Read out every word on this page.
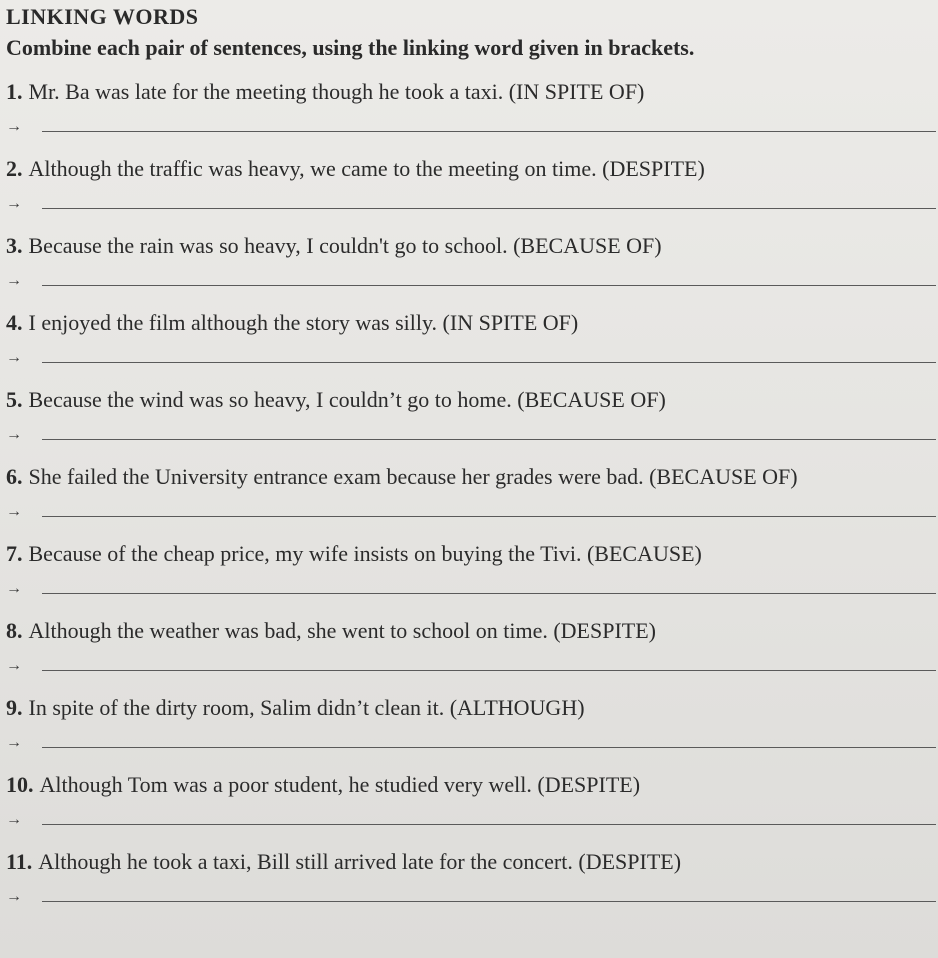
LINKING WORDS
Combine each pair of sentences, using the linking word given in brackets.
1. Mr. Ba was late for the meeting though he took a taxi. (IN SPITE OF)
→
2. Although the traffic was heavy, we came to the meeting on time. (DESPITE)
→
3. Because the rain was so heavy, I couldn't go to school. (BECAUSE OF)
→
4. I enjoyed the film although the story was silly. (IN SPITE OF)
→
5. Because the wind was so heavy, I couldn’t go to home. (BECAUSE OF)
→
6. She failed the University entrance exam because her grades were bad. (BECAUSE OF)
→
7. Because of the cheap price, my wife insists on buying the Tivi. (BECAUSE)
→
8. Although the weather was bad, she went to school on time. (DESPITE)
→
9. In spite of the dirty room, Salim didn’t clean it. (ALTHOUGH)
→
10. Although Tom was a poor student, he studied very well. (DESPITE)
→
11. Although he took a taxi, Bill still arrived late for the concert. (DESPITE)
→
